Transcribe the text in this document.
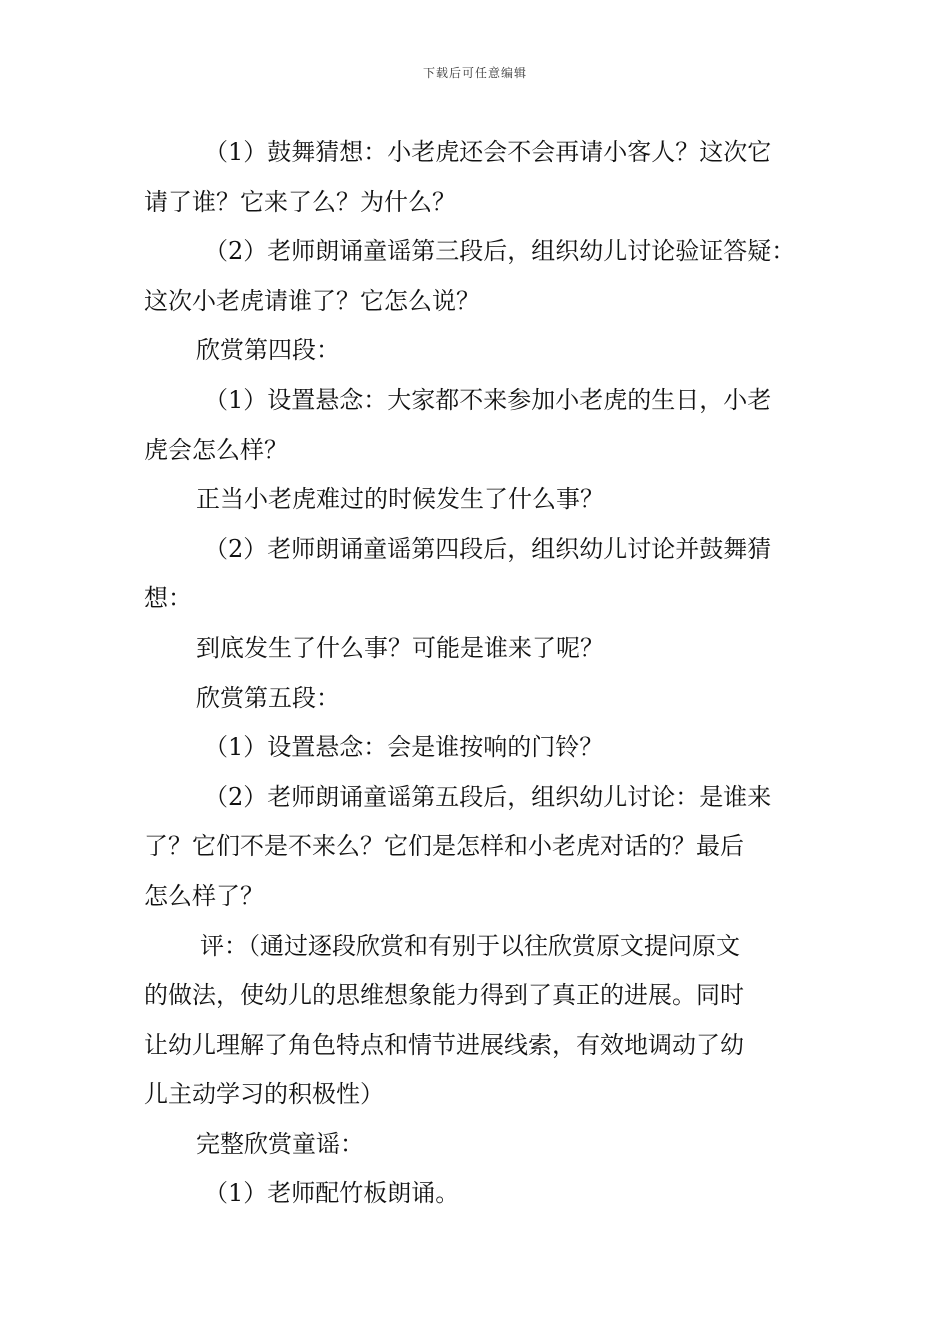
下载后可任意编辑
（1）鼓舞猜想：小老虎还会不会再请小客人？这次它
请了谁？它来了么？为什么？
（2）老师朗诵童谣第三段后，组织幼儿讨论验证答疑：
这次小老虎请谁了？它怎么说？
欣赏第四段：
（1）设置悬念：大家都不来参加小老虎的生日，小老
虎会怎么样？
正当小老虎难过的时候发生了什么事？
（2）老师朗诵童谣第四段后，组织幼儿讨论并鼓舞猜
想：
到底发生了什么事？可能是谁来了呢？
欣赏第五段：
（1）设置悬念：会是谁按响的门铃？
（2）老师朗诵童谣第五段后，组织幼儿讨论：是谁来
了？它们不是不来么？它们是怎样和小老虎对话的？最后
怎么样了？
评：（通过逐段欣赏和有别于以往欣赏原文提问原文
的做法，使幼儿的思维想象能力得到了真正的进展。同时
让幼儿理解了角色特点和情节进展线索，有效地调动了幼
儿主动学习的积极性）
完整欣赏童谣：
（1）老师配竹板朗诵。
